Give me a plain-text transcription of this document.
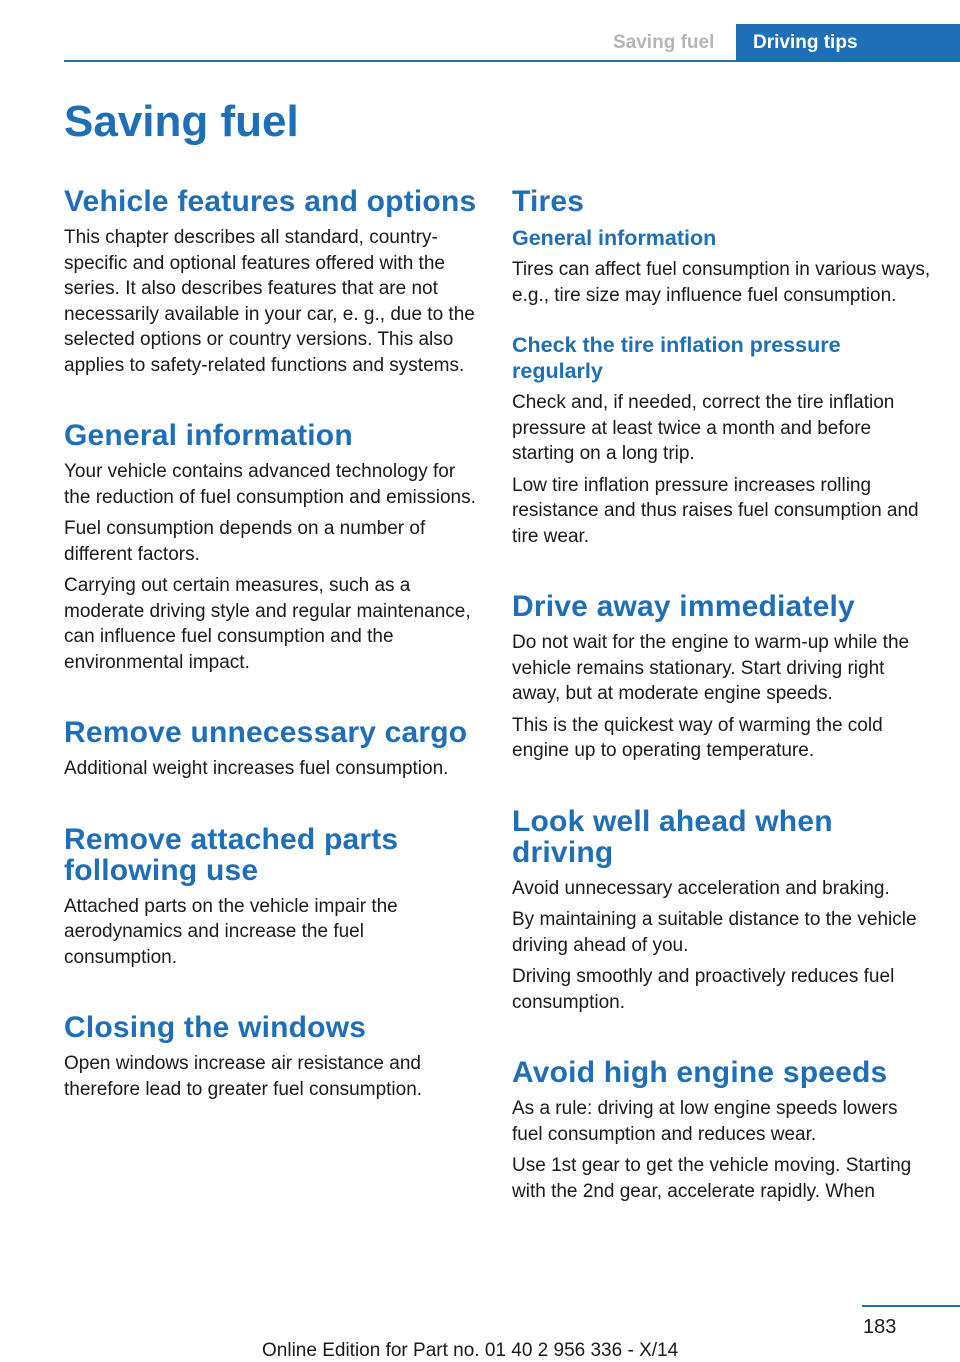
Saving fuel	Driving tips
Saving fuel
Vehicle features and options

This chapter describes all standard, country-specific and optional features offered with the series. It also describes features that are not necessarily available in your car, e. g., due to the selected options or country versions. This also applies to safety-related functions and systems.

General information

Your vehicle contains advanced technology for the reduction of fuel consumption and emissions.

Fuel consumption depends on a number of different factors.

Carrying out certain measures, such as a moderate driving style and regular maintenance, can influence fuel consumption and the environmental impact.

Remove unnecessary cargo

Additional weight increases fuel consumption.

Remove attached parts following use

Attached parts on the vehicle impair the aerodynamics and increase the fuel consumption.

Closing the windows

Open windows increase air resistance and therefore lead to greater fuel consumption.

Tires
General information

Tires can affect fuel consumption in various ways, e.g., tire size may influence fuel consumption.

Check the tire inflation pressure regularly

Check and, if needed, correct the tire inflation pressure at least twice a month and before starting on a long trip.

Low tire inflation pressure increases rolling resistance and thus raises fuel consumption and tire wear.

Drive away immediately

Do not wait for the engine to warm-up while the vehicle remains stationary. Start driving right away, but at moderate engine speeds.

This is the quickest way of warming the cold engine up to operating temperature.

Look well ahead when driving

Avoid unnecessary acceleration and braking.

By maintaining a suitable distance to the vehicle driving ahead of you.

Driving smoothly and proactively reduces fuel consumption.

Avoid high engine speeds

As a rule: driving at low engine speeds lowers fuel consumption and reduces wear.

Use 1st gear to get the vehicle moving. Starting with the 2nd gear, accelerate rapidly. When

183
Online Edition for Part no. 01 40 2 956 336 - X/14
